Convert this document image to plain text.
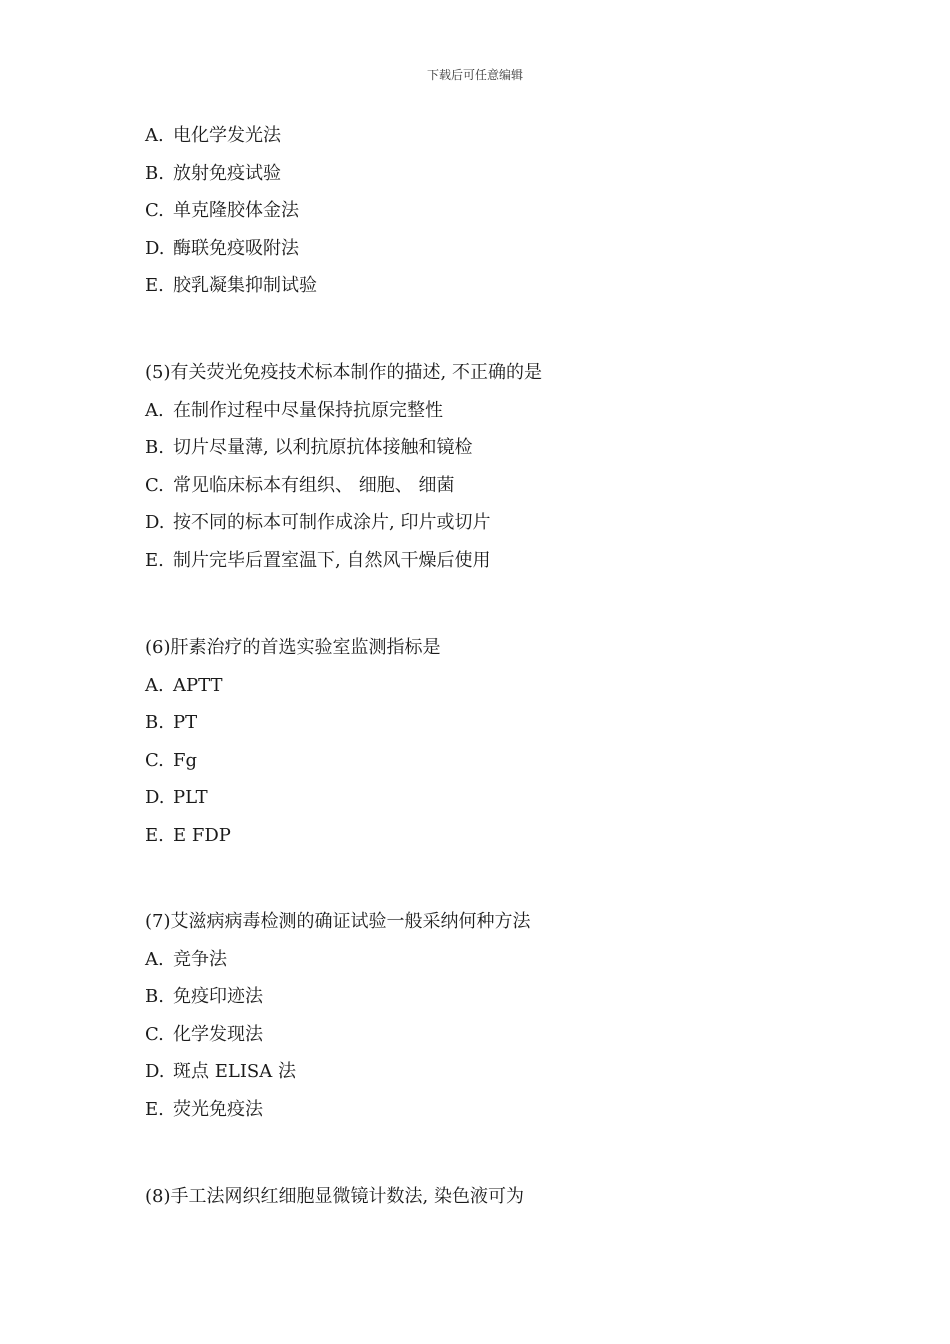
下载后可任意编辑
A. 电化学发光法
B. 放射免疫试验
C. 单克隆胶体金法
D. 酶联免疫吸附法
E. 胶乳凝集抑制试验
(5)有关荧光免疫技术标本制作的描述, 不正确的是
A. 在制作过程中尽量保持抗原完整性
B. 切片尽量薄, 以利抗原抗体接触和镜检
C. 常见临床标本有组织、 细胞、 细菌
D. 按不同的标本可制作成涂片, 印片或切片
E. 制片完毕后置室温下, 自然风干燥后使用
(6)肝素治疗的首选实验室监测指标是
A. APTT
B. PT
C. Fg
D. PLT
E. E FDP
(7)艾滋病病毒检测的确证试验一般采纳何种方法
A. 竞争法
B. 免疫印迹法
C. 化学发现法
D. 斑点 ELISA 法
E. 荧光免疫法
(8)手工法网织红细胞显微镜计数法, 染色液可为
